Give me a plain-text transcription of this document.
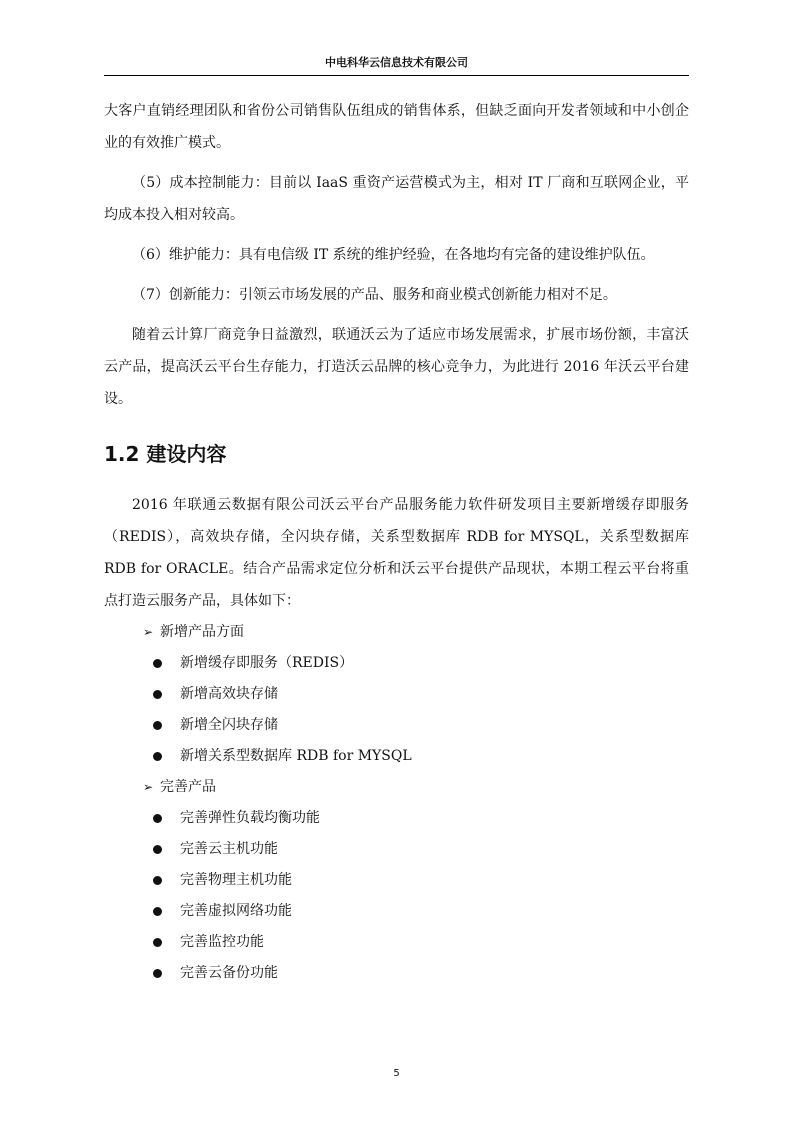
中电科华云信息技术有限公司

大客户直销经理团队和省份公司销售队伍组成的销售体系，但缺乏面向开发者领域和中小创企业的有效推广模式。

（5）成本控制能力：目前以 IaaS 重资产运营模式为主，相对 IT 厂商和互联网企业，平均成本投入相对较高。

（6）维护能力：具有电信级 IT 系统的维护经验，在各地均有完备的建设维护队伍。

（7）创新能力：引领云市场发展的产品、服务和商业模式创新能力相对不足。

随着云计算厂商竞争日益激烈，联通沃云为了适应市场发展需求，扩展市场份额，丰富沃云产品，提高沃云平台生存能力，打造沃云品牌的核心竞争力，为此进行 2016 年沃云平台建设。

1.2 建设内容

2016 年联通云数据有限公司沃云平台产品服务能力软件研发项目主要新增缓存即服务（REDIS），高效块存储，全闪块存储，关系型数据库 RDB for MYSQL，关系型数据库 RDB for ORACLE。结合产品需求定位分析和沃云平台提供产品现状，本期工程云平台将重点打造云服务产品，具体如下：

➢ 新增产品方面
新增缓存即服务（REDIS）
新增高效块存储
新增全闪块存储
新增关系型数据库 RDB for MYSQL
➢ 完善产品
完善弹性负载均衡功能
完善云主机功能
完善物理主机功能
完善虚拟网络功能
完善监控功能
完善云备份功能
5
